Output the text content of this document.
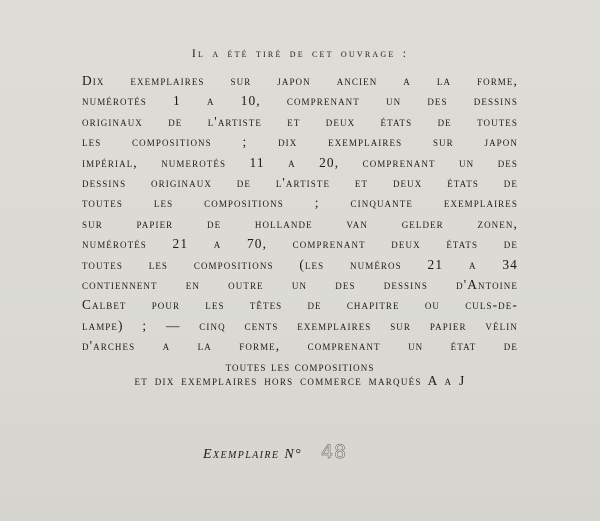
Il a été tiré de cet ouvrage :
Dix exemplaires sur japon ancien a la forme,
numérotés 1 a 10, comprenant un des dessins
originaux de l'artiste et deux états de toutes
les compositions ; dix exemplaires sur japon
impérial, numerotés 11 a 20, comprenant un des
dessins originaux de l'artiste et deux états de
toutes les compositions ; cinquante exemplaires
sur	papier	de	hollande	van	gelder	zonen,
numérotés 21 a 70, comprenant deux états de
toutes les compositions (les numéros 21 a 34
contiennent en outre un des dessins d'Antoine
Calbet pour les têtes de chapitre ou culs-de-
lampe) ; — cinq cents exemplaires sur papier vélin
d'arches a la forme, comprenant un état de
toutes les compositions
et dix exemplaires hors commerce marqués A a J
Exemplaire N° 48
